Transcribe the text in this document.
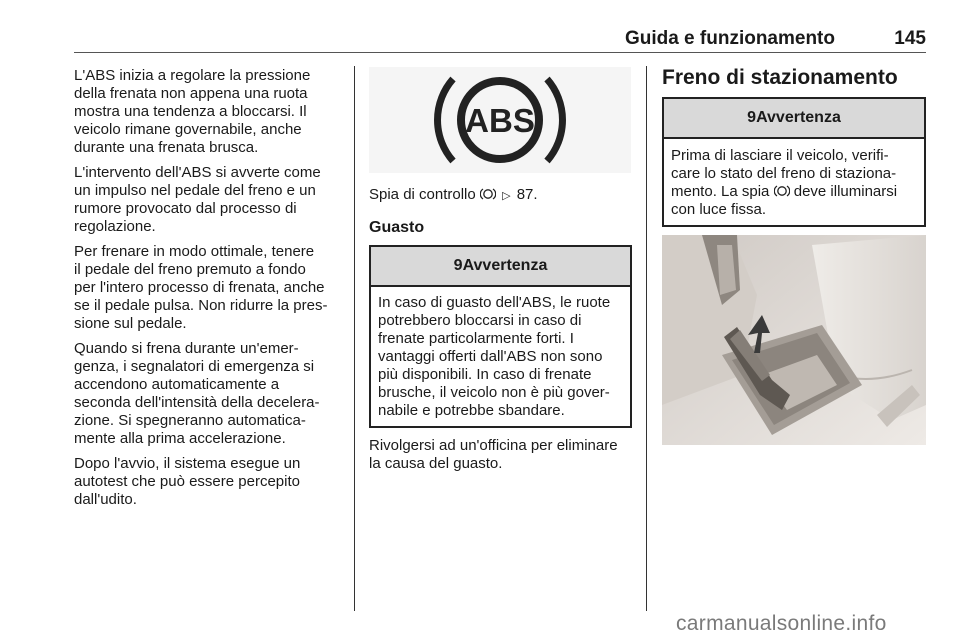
Guida e funzionamento	145

L'ABS inizia a regolare la pressione
della frenata non appena una ruota
mostra una tendenza a bloccarsi. Il
veicolo rimane governabile, anche
durante una frenata brusca.

L'intervento dell'ABS si avverte come
un impulso nel pedale del freno e un
rumore provocato dal processo di
regolazione.

Per frenare in modo ottimale, tenere
il pedale del freno premuto a fondo
per l'intero processo di frenata, anche
se il pedale pulsa. Non ridurre la pres-
sione sul pedale.

Quando si frena durante un'emer-
genza, i segnalatori di emergenza si
accendono automaticamente a
seconda dell'intensità della decelera-
zione. Si spegneranno automatica-
mente alla prima accelerazione.

Dopo l'avvio, il sistema esegue un
autotest che può essere percepito
dall'udito.

ABS
Spia di controllo ▷ 87.
Guasto
9Avvertenza
In caso di guasto dell'ABS, le ruote
potrebbero bloccarsi in caso di
frenate particolarmente forti. I
vantaggi offerti dall'ABS non sono
più disponibili. In caso di frenate
brusche, il veicolo non è più gover-
nabile e potrebbe sbandare.
Rivolgersi ad un'officina per eliminare
la causa del guasto.
Freno di stazionamento
9Avvertenza
Prima di lasciare il veicolo, verifi-
care lo stato del freno di staziona-
mento. La spia  deve illuminarsi
con luce fissa.
carmanualsonline.info
